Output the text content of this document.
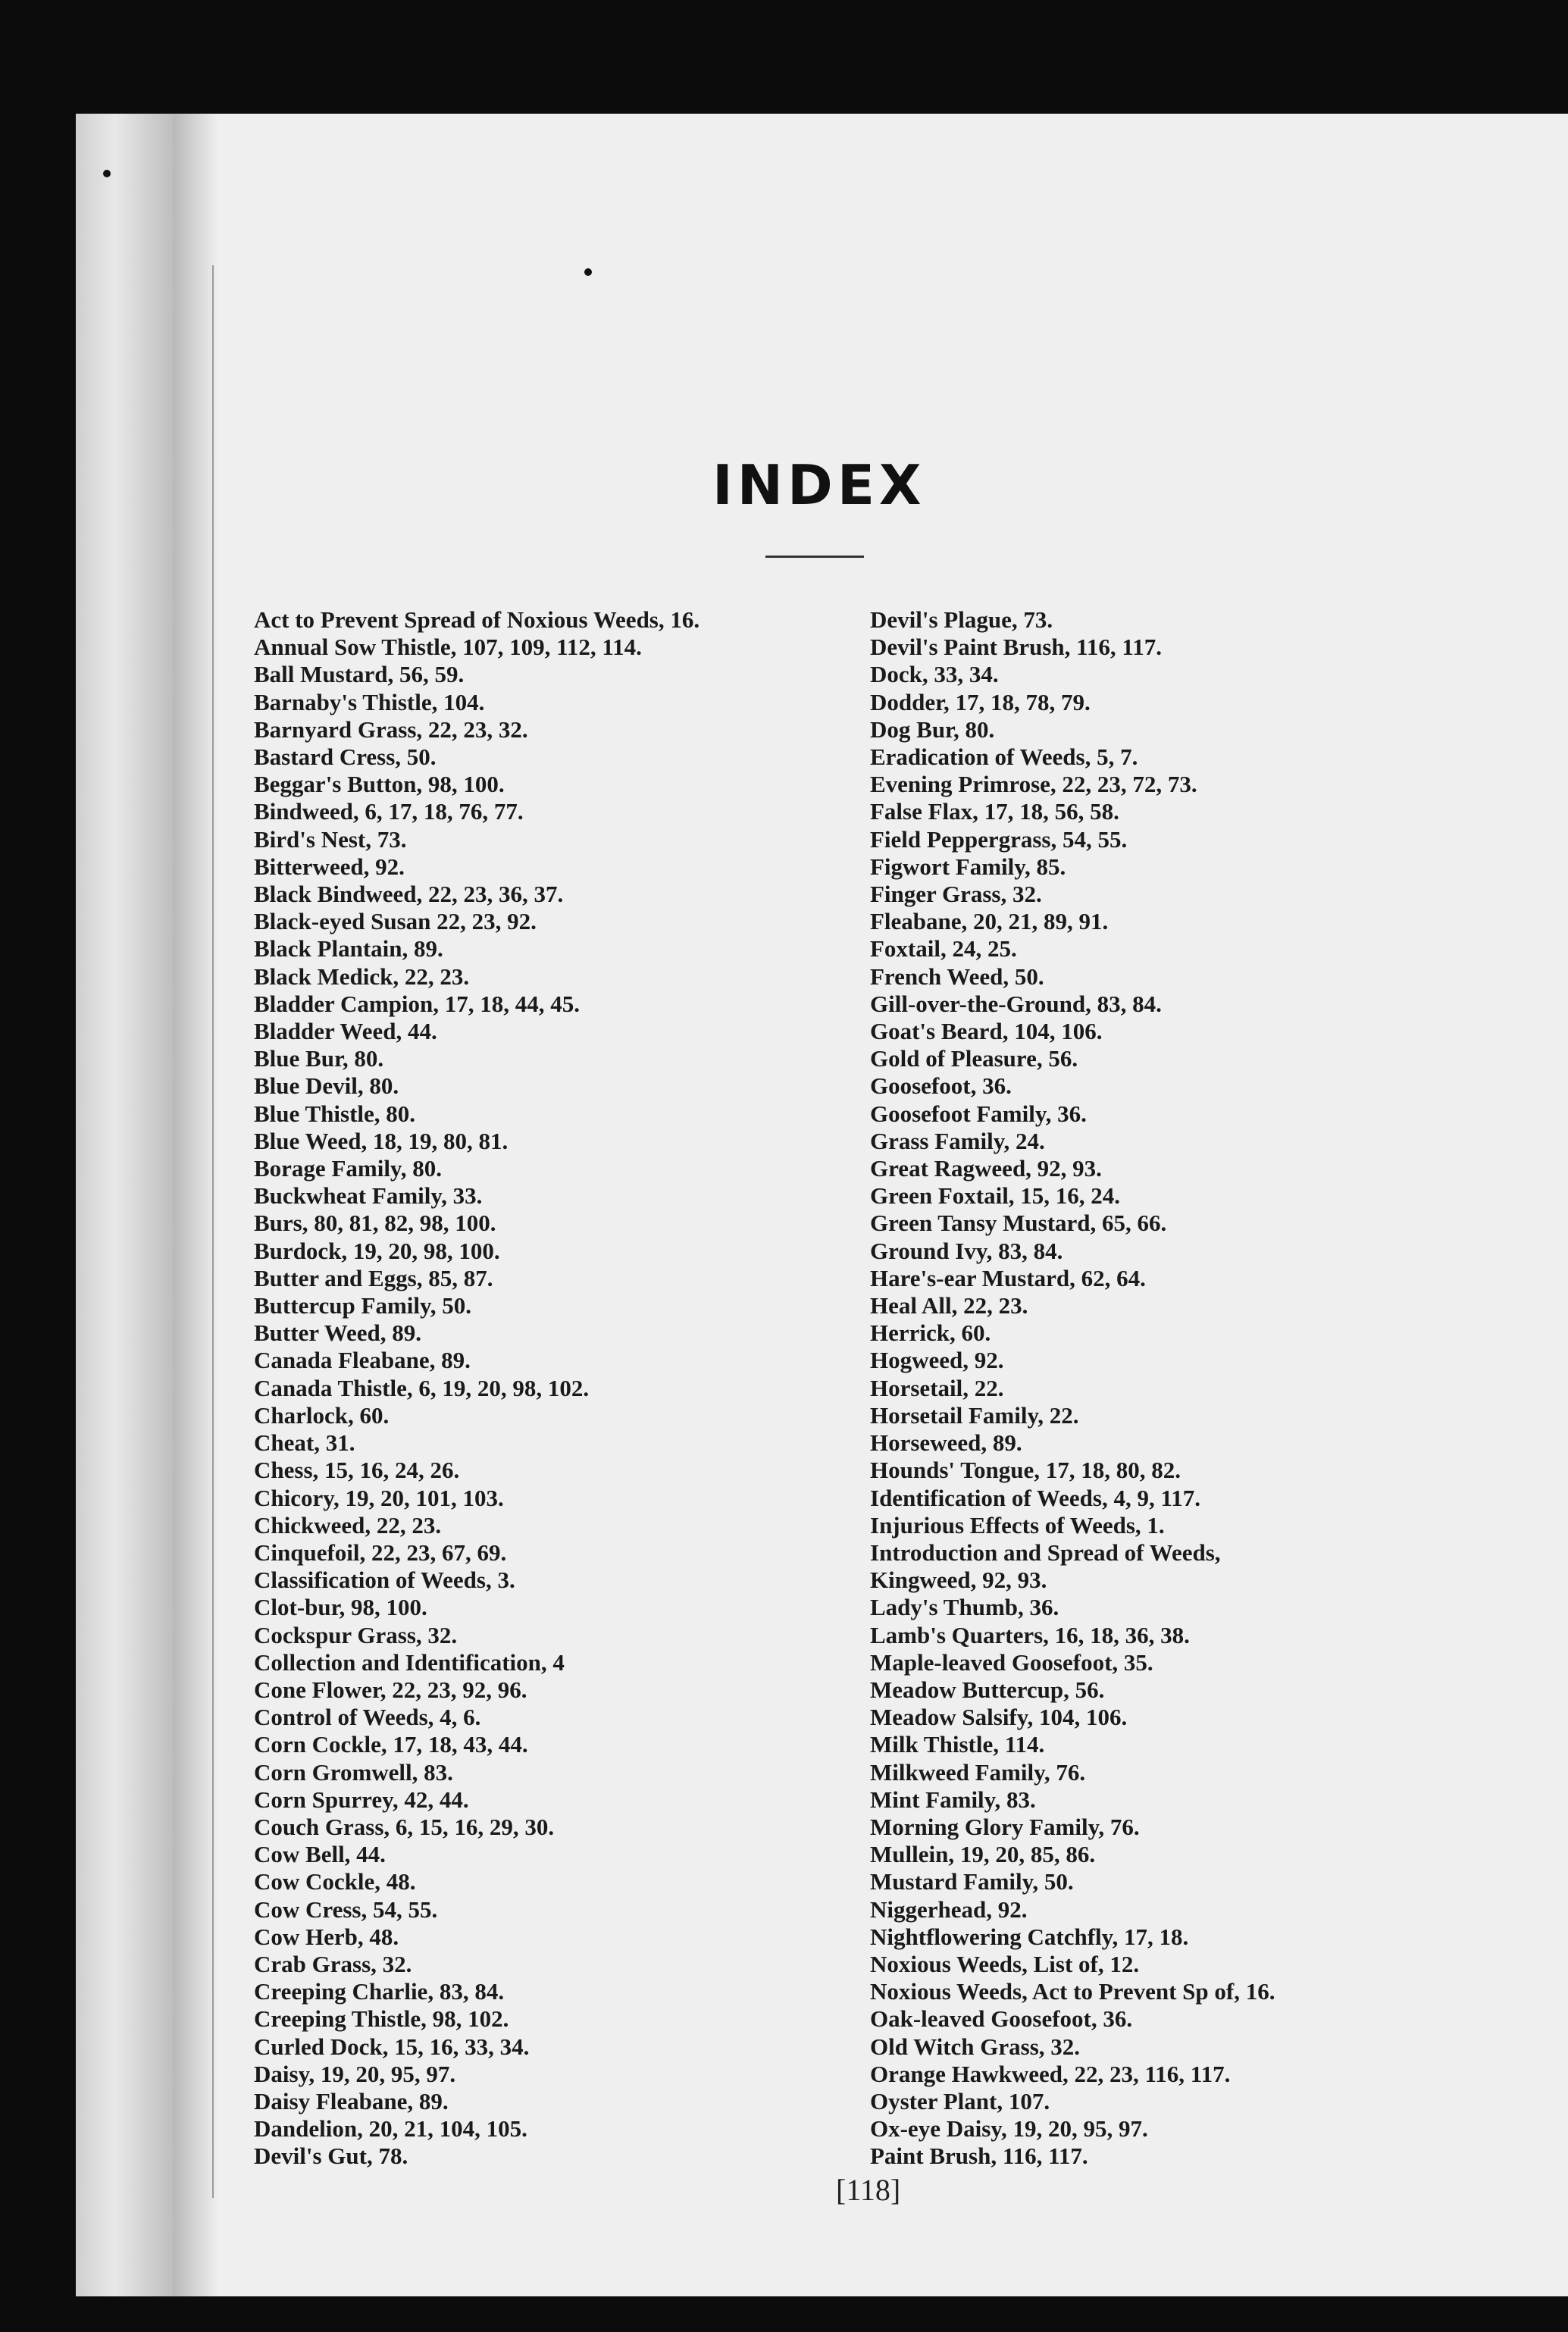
INDEX
Act to Prevent Spread of Noxious Weeds, 16.
Annual Sow Thistle, 107, 109, 112, 114.
Ball Mustard, 56, 59.
Barnaby's Thistle, 104.
Barnyard Grass, 22, 23, 32.
Bastard Cress, 50.
Beggar's Button, 98, 100.
Bindweed, 6, 17, 18, 76, 77.
Bird's Nest, 73.
Bitterweed, 92.
Black Bindweed, 22, 23, 36, 37.
Black-eyed Susan 22, 23, 92.
Black Plantain, 89.
Black Medick, 22, 23.
Bladder Campion, 17, 18, 44, 45.
Bladder Weed, 44.
Blue Bur, 80.
Blue Devil, 80.
Blue Thistle, 80.
Blue Weed, 18, 19, 80, 81.
Borage Family, 80.
Buckwheat Family, 33.
Burs, 80, 81, 82, 98, 100.
Burdock, 19, 20, 98, 100.
Butter and Eggs, 85, 87.
Buttercup Family, 50.
Butter Weed, 89.
Canada Fleabane, 89.
Canada Thistle, 6, 19, 20, 98, 102.
Charlock, 60.
Cheat, 31.
Chess, 15, 16, 24, 26.
Chicory, 19, 20, 101, 103.
Chickweed, 22, 23.
Cinquefoil, 22, 23, 67, 69.
Classification of Weeds, 3.
Clot-bur, 98, 100.
Cockspur Grass, 32.
Collection and Identification, 4
Cone Flower, 22, 23, 92, 96.
Control of Weeds, 4, 6.
Corn Cockle, 17, 18, 43, 44.
Corn Gromwell, 83.
Corn Spurrey, 42, 44.
Couch Grass, 6, 15, 16, 29, 30.
Cow Bell, 44.
Cow Cockle, 48.
Cow Cress, 54, 55.
Cow Herb, 48.
Crab Grass, 32.
Creeping Charlie, 83, 84.
Creeping Thistle, 98, 102.
Curled Dock, 15, 16, 33, 34.
Daisy, 19, 20, 95, 97.
Daisy Fleabane, 89.
Dandelion, 20, 21, 104, 105.
Devil's Gut, 78.
Devil's Plague, 73.
Devil's Paint Brush, 116, 117.
Dock, 33, 34.
Dodder, 17, 18, 78, 79.
Dog Bur, 80.
Eradication of Weeds, 5, 7.
Evening Primrose, 22, 23, 72, 73.
False Flax, 17, 18, 56, 58.
Field Peppergrass, 54, 55.
Figwort Family, 85.
Finger Grass, 32.
Fleabane, 20, 21, 89, 91.
Foxtail, 24, 25.
French Weed, 50.
Gill-over-the-Ground, 83, 84.
Goat's Beard, 104, 106.
Gold of Pleasure, 56.
Goosefoot, 36.
Goosefoot Family, 36.
Grass Family, 24.
Great Ragweed, 92, 93.
Green Foxtail, 15, 16, 24.
Green Tansy Mustard, 65, 66.
Ground Ivy, 83, 84.
Hare's-ear Mustard, 62, 64.
Heal All, 22, 23.
Herrick, 60.
Hogweed, 92.
Horsetail, 22.
Horsetail Family, 22.
Horseweed, 89.
Hounds' Tongue, 17, 18, 80, 82.
Identification of Weeds, 4, 9, 117.
Injurious Effects of Weeds, 1.
Introduction and Spread of Weeds,
Kingweed, 92, 93.
Lady's Thumb, 36.
Lamb's Quarters, 16, 18, 36, 38.
Maple-leaved Goosefoot, 35.
Meadow Buttercup, 56.
Meadow Salsify, 104, 106.
Milk Thistle, 114.
Milkweed Family, 76.
Mint Family, 83.
Morning Glory Family, 76.
Mullein, 19, 20, 85, 86.
Mustard Family, 50.
Niggerhead, 92.
Nightflowering Catchfly, 17, 18.
Noxious Weeds, List of, 12.
Noxious Weeds, Act to Prevent Sp of, 16.
Oak-leaved Goosefoot, 36.
Old Witch Grass, 32.
Orange Hawkweed, 22, 23, 116, 117.
Oyster Plant, 107.
Ox-eye Daisy, 19, 20, 95, 97.
Paint Brush, 116, 117.
[118]
